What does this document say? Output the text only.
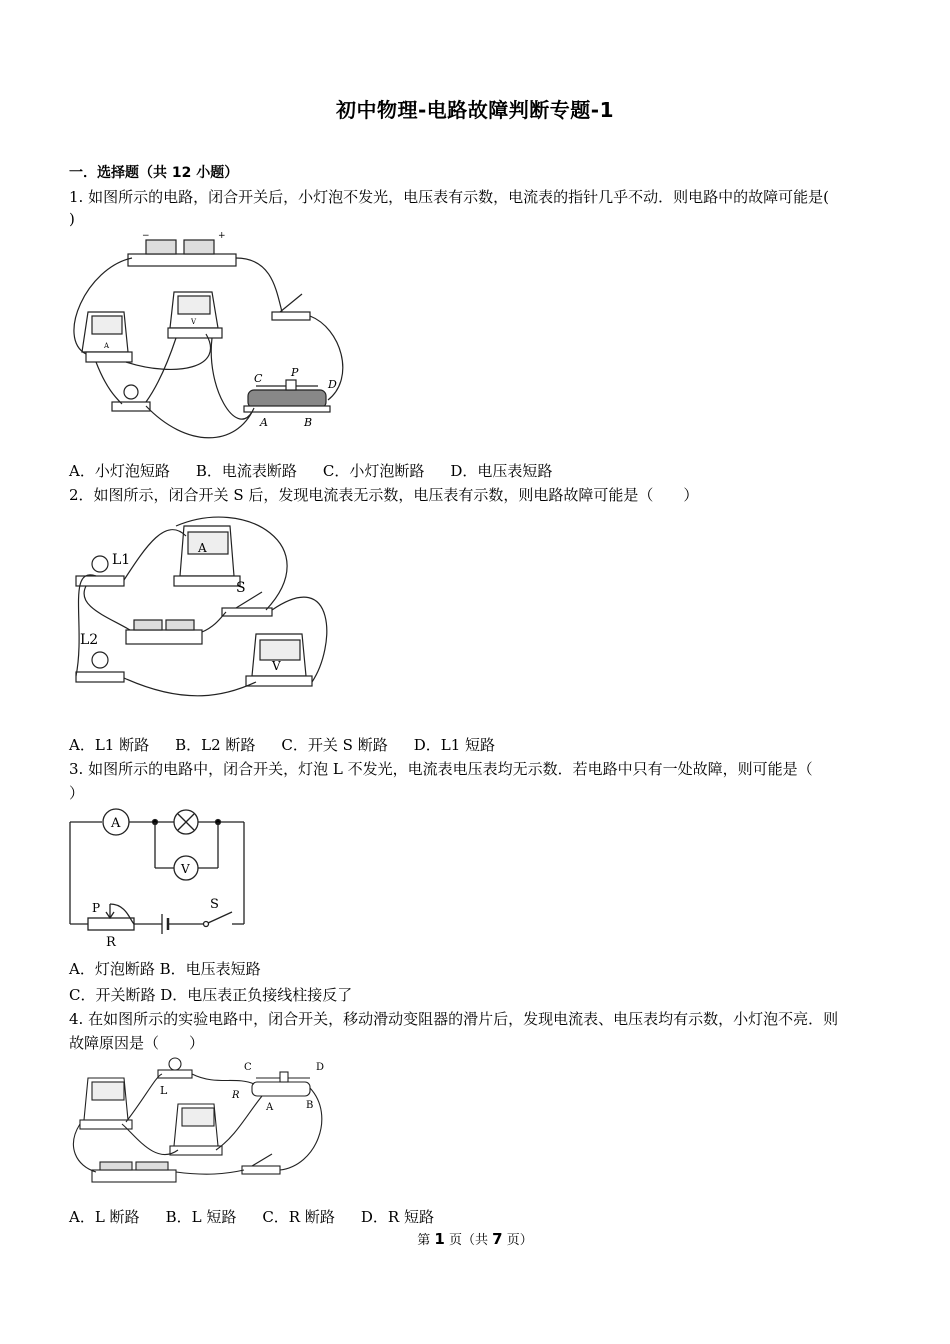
初中物理-电路故障判断专题-1
一．选择题（共 12 小题）
1. 如图所示的电路，闭合开关后，小灯泡不发光，电压表有示数，电流表的指针几乎不动．则电路中的故障可能是(
)
−	+
A
V
C	P
D
A	B
A．小灯泡短路 B．电流表断路 C．小灯泡断路 D．电压表短路
2．如图所示，闭合开关 S 后，发现电流表无示数，电压表有示数，则电路故障可能是（　　）
L1
A
S
L2
V
A．L1 断路 B．L2 断路 C．开关 S 断路 D．L1 短路
3. 如图所示的电路中，闭合开关，灯泡 L 不发光，电流表电压表均无示数．若电路中只有一处故障，则可能是（
）
A
V
P
R
S
A．灯泡断路 B．电压表短路
C．开关断路 D．电压表正负接线柱接反了
4. 在如图所示的实验电路中，闭合开关，移动滑动变阻器的滑片后，发现电流表、电压表均有示数，小灯泡不亮．则
故障原因是（　　）
L
C	D
R
A	B
A．L 断路 B．L 短路 C．R 断路 D．R 短路
第 1 页（共 7 页）
